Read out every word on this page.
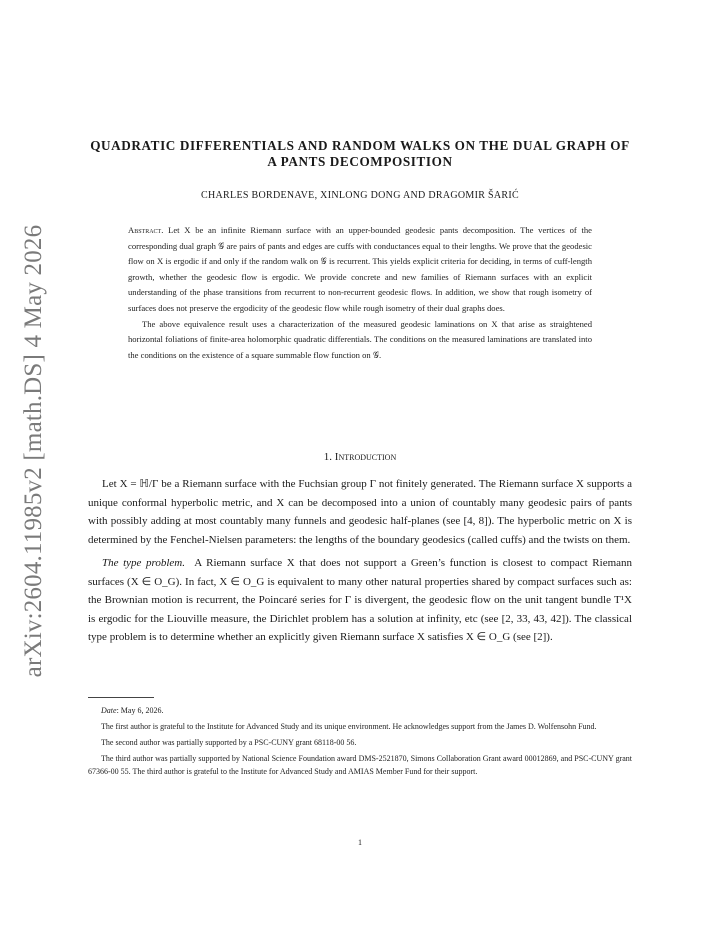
arXiv:2604.11985v2 [math.DS] 4 May 2026
QUADRATIC DIFFERENTIALS AND RANDOM WALKS ON THE DUAL GRAPH OF A PANTS DECOMPOSITION
CHARLES BORDENAVE, XINLONG DONG AND DRAGOMIR ŠARIĆ

Abstract. Let X be an infinite Riemann surface with an upper-bounded geodesic pants decomposition. The vertices of the corresponding dual graph 𝒢 are pairs of pants and edges are cuffs with conductances equal to their lengths. We prove that the geodesic flow on X is ergodic if and only if the random walk on 𝒢 is recurrent. This yields explicit criteria for deciding, in terms of cuff-length growth, whether the geodesic flow is ergodic. We provide concrete and new families of Riemann surfaces with an explicit understanding of the phase transitions from recurrent to non-recurrent geodesic flows. In addition, we show that rough isometry of surfaces does not preserve the ergodicity of the geodesic flow while rough isometry of their dual graphs does.

The above equivalence result uses a characterization of the measured geodesic laminations on X that arise as straightened horizontal foliations of finite-area holomorphic quadratic differentials. The conditions on the measured laminations are translated into the conditions on the existence of a square summable flow function on 𝒢.

1. Introduction

Let X = ℍ/Γ be a Riemann surface with the Fuchsian group Γ not finitely generated. The Riemann surface X supports a unique conformal hyperbolic metric, and X can be decomposed into a union of countably many geodesic pairs of pants with possibly adding at most countably many funnels and geodesic half-planes (see [4, 8]). The hyperbolic metric on X is determined by the Fenchel-Nielsen parameters: the lengths of the boundary geodesics (called cuffs) and the twists on them.

The type problem. A Riemann surface X that does not support a Green’s function is closest to compact Riemann surfaces (X ∈ O_G). In fact, X ∈ O_G is equivalent to many other natural properties shared by compact surfaces such as: the Brownian motion is recurrent, the Poincaré series for Γ is divergent, the geodesic flow on the unit tangent bundle T¹X is ergodic for the Liouville measure, the Dirichlet problem has a solution at infinity, etc (see [2, 33, 43, 42]). The classical type problem is to determine whether an explicitly given Riemann surface X satisfies X ∈ O_G (see [2]).

Date: May 6, 2026.

The first author is grateful to the Institute for Advanced Study and its unique environment. He acknowledges support from the James D. Wolfensohn Fund.

The second author was partially supported by a PSC-CUNY grant 68118-00 56.

The third author was partially supported by National Science Foundation award DMS-2521870, Simons Collaboration Grant award 00012869, and PSC-CUNY grant 67366-00 55. The third author is grateful to the Institute for Advanced Study and AMIAS Member Fund for their support.

1
